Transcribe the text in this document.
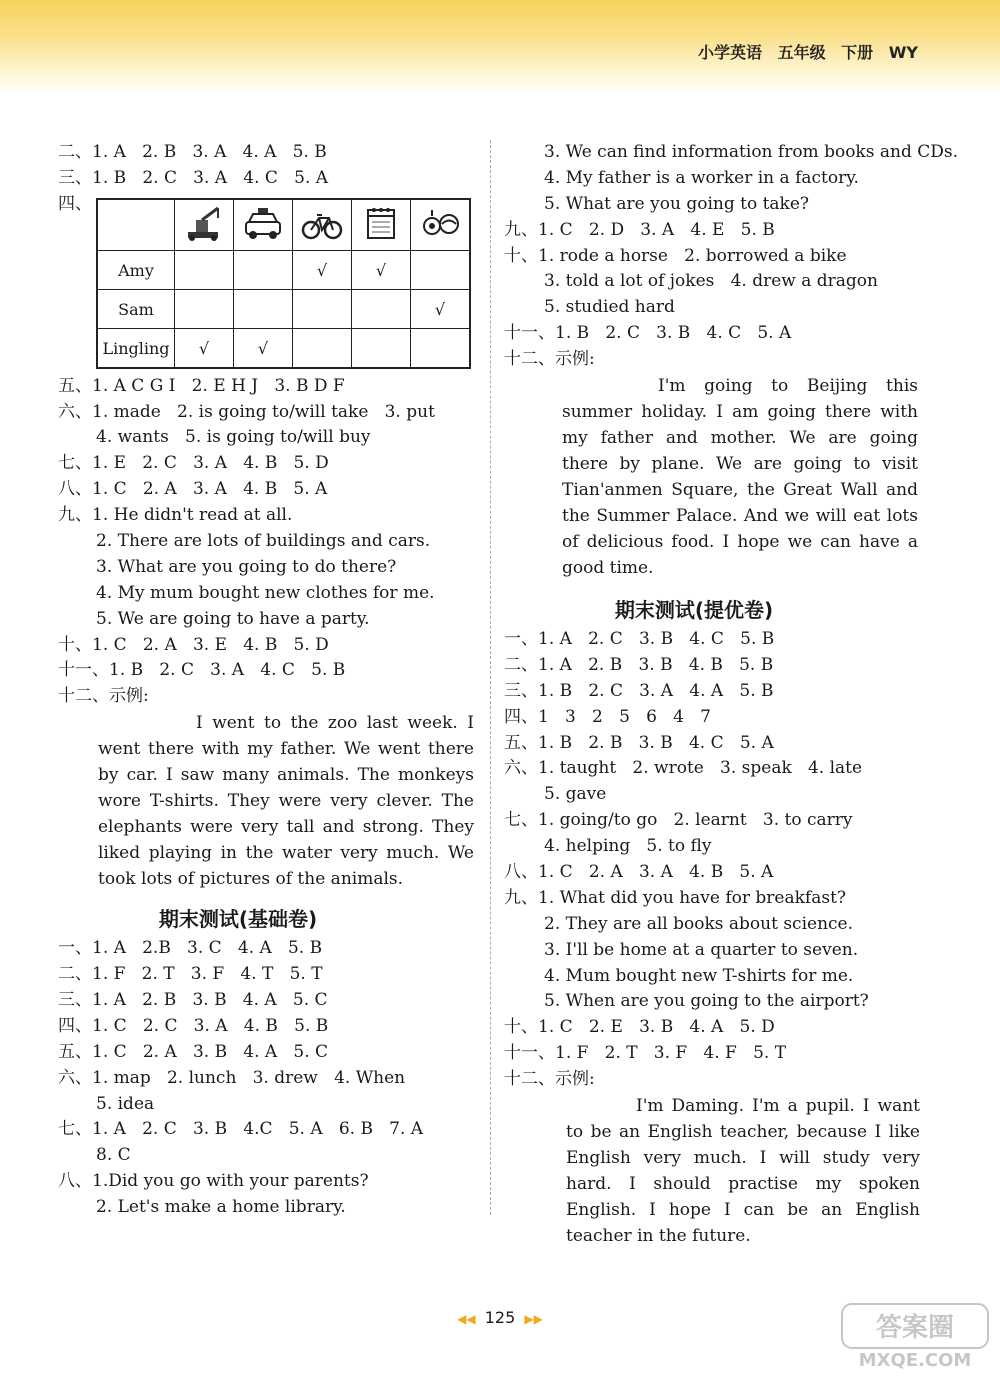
小学英语 五年级 下册 WY
二、1. A   2. B   3. A   4. A   5. B
三、1. B   2. C   3. A   4. C   5. A
四、
五、1. A C G I   2. E H J   3. B D F
六、1. made   2. is going to/will take   3. put
4. wants   5. is going to/will buy
七、1. E   2. C   3. A   4. B   5. D
八、1. C   2. A   3. A   4. B   5. A
九、1. He didn't read at all.
2. There are lots of buildings and cars.
3. What are you going to do there?
4. My mum bought new clothes for me.
5. We are going to have a party.
十、1. C   2. A   3. E   4. B   5. D
十一、1. B   2. C   3. A   4. C   5. B
十二、示例:
I went to the zoo last week. I went there with my father. We went there by car. I saw many animals. The monkeys wore T-shirts. They were very clever. The elephants were very tall and strong. They liked playing in the water very much. We took lots of pictures of the animals.
期末测试(基础卷)
一、1. A   2.B   3. C   4. A   5. B
二、1. F   2. T   3. F   4. T   5. T
三、1. A   2. B   3. B   4. A   5. C
四、1. C   2. C   3. A   4. B   5. B
五、1. C   2. A   3. B   4. A   5. C
六、1. map   2. lunch   3. drew   4. When
5. idea
七、1. A   2. C   3. B   4.C   5. A   6. B   7. A
8. C
八、1.Did you go with your parents?
2. Let's make a home library.

Amy			√	√	
Sam					√
Lingling	√	√			
3. We can find information from books and CDs.
4. My father is a worker in a factory.
5. What are you going to take?
九、1. C   2. D   3. A   4. E   5. B
十、1. rode a horse   2. borrowed a bike
3. told a lot of jokes   4. drew a dragon
5. studied hard
十一、1. B   2. C   3. B   4. C   5. A
十二、示例:
I'm going to Beijing this summer holiday. I am going there with my father and mother. We are going there by plane. We are going to visit Tian'anmen Square, the Great Wall and the Summer Palace. And we will eat lots of delicious food. I hope we can have a good time.
期末测试(提优卷)
一、1. A   2. C   3. B   4. C   5. B
二、1. A   2. B   3. B   4. B   5. B
三、1. B   2. C   3. A   4. A   5. B
四、1   3   2   5   6   4   7
五、1. B   2. B   3. B   4. C   5. A
六、1. taught   2. wrote   3. speak   4. late
5. gave
七、1. going/to go   2. learnt   3. to carry
4. helping   5. to fly
八、1. C   2. A   3. A   4. B   5. A
九、1. What did you have for breakfast?
2. They are all books about science.
3. I'll be home at a quarter to seven.
4. Mum bought new T-shirts for me.
5. When are you going to the airport?
十、1. C   2. E   3. B   4. A   5. D
十一、1. F   2. T   3. F   4. F   5. T
十二、示例:
I'm Daming. I'm a pupil. I want to be an English teacher, because I like English very much. I will study very hard. I should practise my spoken English. I hope I can be an English teacher in the future.
◀◀ 125 ▶▶	答案圈
MXQE.COM
